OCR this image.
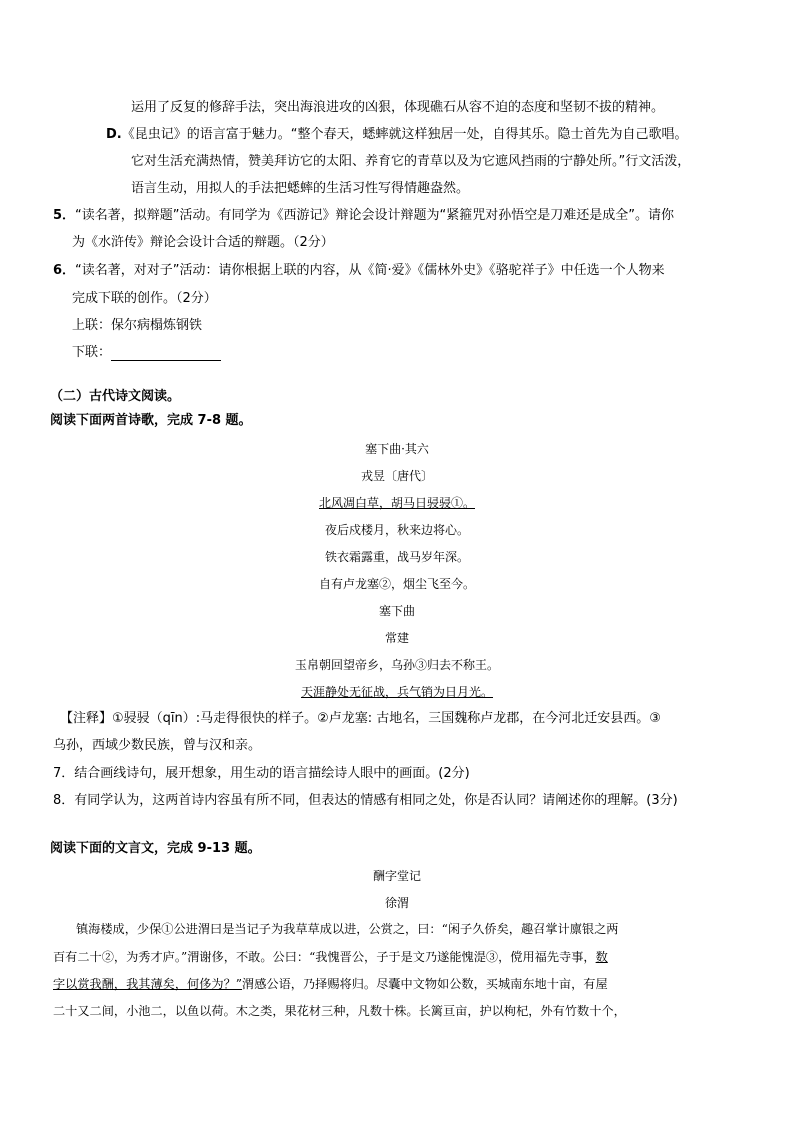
运用了反复的修辞手法，突出海浪进攻的凶狠，体现礁石从容不迫的态度和坚韧不拔的精神。
D.《昆虫记》的语言富于魅力。“整个春天，蟋蟀就这样独居一处，自得其乐。隐士首先为自己歌唱。
它对生活充满热情，赞美拜访它的太阳、养育它的青草以及为它遮风挡雨的宁静处所。”行文活泼，
语言生动，用拟人的手法把蟋蟀的生活习性写得情趣盎然。
5．“读名著，拟辩题”活动。有同学为《西游记》辩论会设计辩题为“紧箍咒对孙悟空是刀难还是成全”。请你
为《水浒传》辩论会设计合适的辩题。（2分）
6．“读名著，对对子”活动：请你根据上联的内容，从《简·爱》《儒林外史》《骆驼祥子》中任选一个人物来
完成下联的创作。（2分）
上联：保尔病榻炼钢铁
下联：
（二）古代诗文阅读。
阅读下面两首诗歌，完成 7-8 题。
塞下曲·其六
戎昱〔唐代〕
北风凋白草，胡马日骎骎①。
夜后戍楼月，秋来边将心。
铁衣霜露重，战马岁年深。
自有卢龙塞②，烟尘飞至今。
塞下曲
常建
玉帛朝回望帝乡，乌孙③归去不称王。
天涯静处无征战，兵气销为日月光。
【注释】①骎骎（qīn）:马走得很快的样子。②卢龙塞: 古地名，三国魏称卢龙郡，在今河北迁安县西。③
乌孙，西域少数民族，曾与汉和亲。
7．结合画线诗句，展开想象，用生动的语言描绘诗人眼中的画面。(2分)
8．有同学认为，这两首诗内容虽有所不同，但表达的情感有相同之处，你是否认同？请阐述你的理解。(3分)
阅读下面的文言文，完成 9-13 题。
酬字堂记
徐渭
镇海楼成，少保①公进渭曰是当记子为我草草成以进，公赏之，曰：“闲子久侨矣，趣召掌计廪银之两
百有二十②，为秀才庐。”渭谢侈，不敢。公曰：“我愧晋公，子于是文乃遂能愧湜③，傥用福先寺事，数
字以赏我酬，我其薄矣，何侈为？”渭感公语，乃择赐将归。尽囊中文物如公数，买城南东地十亩，有屋
二十又二间，小池二，以鱼以荷。木之类，果花材三种，凡数十株。长篱亘亩，护以枸杞，外有竹数十个，
